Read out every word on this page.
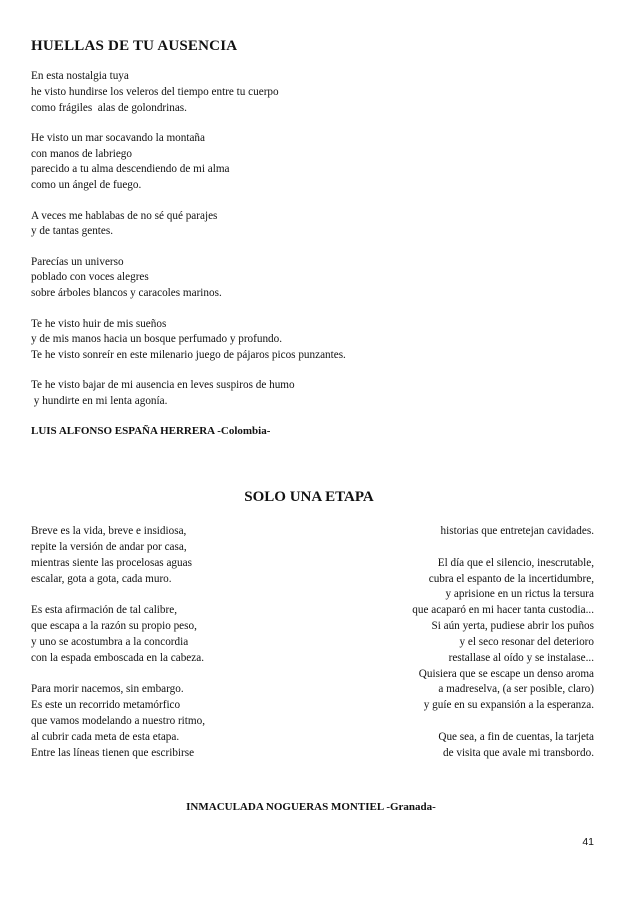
HUELLAS DE TU AUSENCIA
En esta nostalgia tuya
he visto hundirse los veleros del tiempo entre tu cuerpo
como frágiles  alas de golondrinas.
He visto un mar socavando la montaña
con manos de labriego
parecido a tu alma descendiendo de mi alma
como un ángel de fuego.
A veces me hablabas de no sé qué parajes
y de tantas gentes.
Parecías un universo
poblado con voces alegres
sobre árboles blancos y caracoles marinos.
Te he visto huir de mis sueños
y de mis manos hacia un bosque perfumado y profundo.
Te he visto sonreír en este milenario juego de pájaros picos punzantes.
Te he visto bajar de mi ausencia en leves suspiros de humo
y hundirte en mi lenta agonía.
LUIS ALFONSO ESPAÑA HERRERA -Colombia-
SOLO UNA ETAPA
Breve es la vida, breve e insidiosa,
repite la versión de andar por casa,
mientras siente las procelosas aguas
escalar, gota a gota, cada muro.
Es esta afirmación de tal calibre,
que escapa a la razón su propio peso,
y uno se acostumbra a la concordia
con la espada emboscada en la cabeza.
Para morir nacemos, sin embargo.
Es este un recorrido metamórfico
que vamos modelando a nuestro ritmo,
al cubrir cada meta de esta etapa.
Entre las líneas tienen que escribirse
historias que entretejan cavidades.
El día que el silencio, inescrutable,
cubra el espanto de la incertidumbre,
y aprisione en un rictus la tersura
que acaparó en mi hacer tanta custodia...
Si aún yerta, pudiese abrir los puños
y el seco resonar del deterioro
restallase al oído y se instalase...
Quisiera que se escape un denso aroma
a madreselva, (a ser posible, claro)
y guíe en su expansión a la esperanza.
Que sea, a fin de cuentas, la tarjeta
de visita que avale mi transbordo.
INMACULADA NOGUERAS MONTIEL -Granada-
41
